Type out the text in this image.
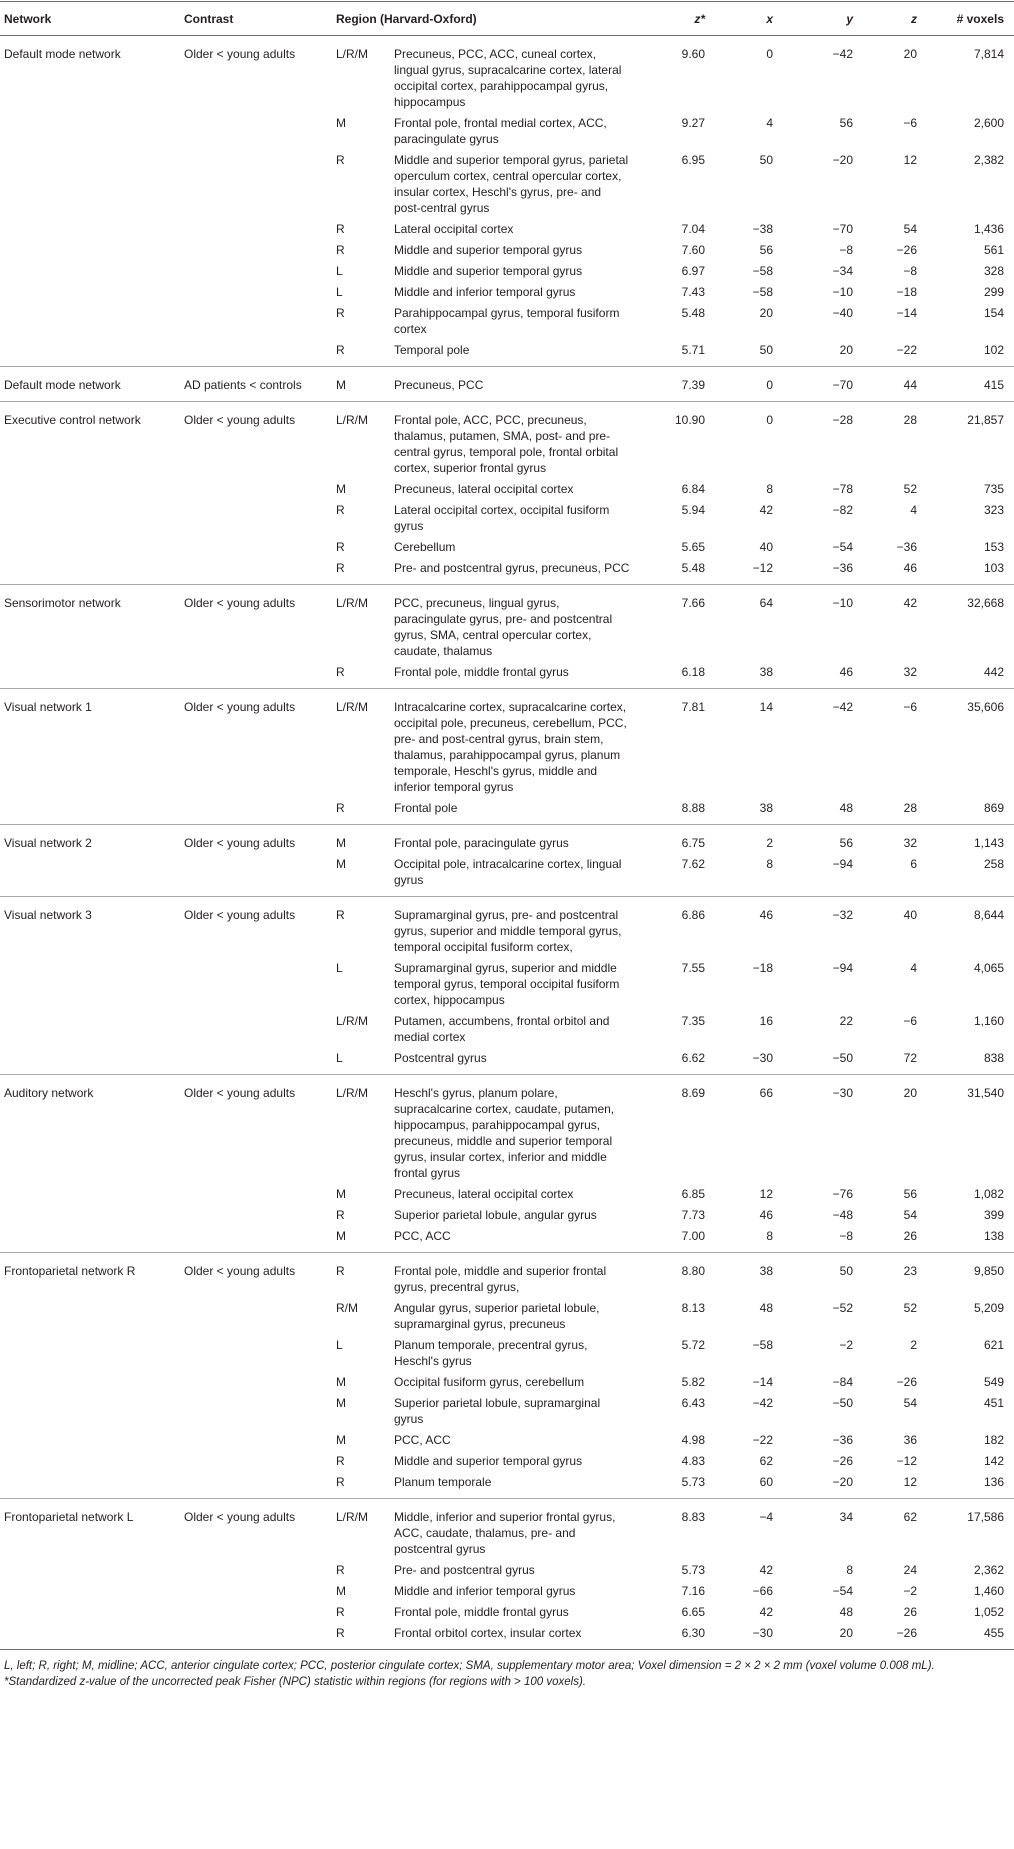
Network	Contrast	Region (Harvard-Oxford)		z*	x	y	z	# voxels
Default mode network	Older < young adults	L/R/M	Precuneus, PCC, ACC, cuneal cortex, lingual gyrus, supracalcarine cortex, lateral occipital cortex, parahippocampal gyrus, hippocampus	9.60	0	−42	20	7,814
		M	Frontal pole, frontal medial cortex, ACC, paracingulate gyrus	9.27	4	56	−6	2,600
		R	Middle and superior temporal gyrus, parietal operculum cortex, central opercular cortex, insular cortex, Heschl's gyrus, pre- and post-central gyrus	6.95	50	−20	12	2,382
		R	Lateral occipital cortex	7.04	−38	−70	54	1,436
		R	Middle and superior temporal gyrus	7.60	56	−8	−26	561
		L	Middle and superior temporal gyrus	6.97	−58	−34	−8	328
		L	Middle and inferior temporal gyrus	7.43	−58	−10	−18	299
		R	Parahippocampal gyrus, temporal fusiform cortex	5.48	20	−40	−14	154
		R	Temporal pole	5.71	50	20	−22	102
Default mode network	AD patients < controls	M	Precuneus, PCC	7.39	0	−70	44	415
Executive control network	Older < young adults	L/R/M	Frontal pole, ACC, PCC, precuneus, thalamus, putamen, SMA, post- and pre-central gyrus, temporal pole, frontal orbital cortex, superior frontal gyrus	10.90	0	−28	28	21,857
		M	Precuneus, lateral occipital cortex	6.84	8	−78	52	735
		R	Lateral occipital cortex, occipital fusiform gyrus	5.94	42	−82	4	323
		R	Cerebellum	5.65	40	−54	−36	153
		R	Pre- and postcentral gyrus, precuneus, PCC	5.48	−12	−36	46	103
Sensorimotor network	Older < young adults	L/R/M	PCC, precuneus, lingual gyrus, paracingulate gyrus, pre- and postcentral gyrus, SMA, central opercular cortex, caudate, thalamus	7.66	64	−10	42	32,668
		R	Frontal pole, middle frontal gyrus	6.18	38	46	32	442
Visual network 1	Older < young adults	L/R/M	Intracalcarine cortex, supracalcarine cortex, occipital pole, precuneus, cerebellum, PCC, pre- and post-central gyrus, brain stem, thalamus, parahippocampal gyrus, planum temporale, Heschl's gyrus, middle and inferior temporal gyrus	7.81	14	−42	−6	35,606
		R	Frontal pole	8.88	38	48	28	869
Visual network 2	Older < young adults	M	Frontal pole, paracingulate gyrus	6.75	2	56	32	1,143
		M	Occipital pole, intracalcarine cortex, lingual gyrus	7.62	8	−94	6	258
Visual network 3	Older < young adults	R	Supramarginal gyrus, pre- and postcentral gyrus, superior and middle temporal gyrus, temporal occipital fusiform cortex,	6.86	46	−32	40	8,644
		L	Supramarginal gyrus, superior and middle temporal gyrus, temporal occipital fusiform cortex, hippocampus	7.55	−18	−94	4	4,065
		L/R/M	Putamen, accumbens, frontal orbitol and medial cortex	7.35	16	22	−6	1,160
		L	Postcentral gyrus	6.62	−30	−50	72	838
Auditory network	Older < young adults	L/R/M	Heschl's gyrus, planum polare, supracalcarine cortex, caudate, putamen, hippocampus, parahippocampal gyrus, precuneus, middle and superior temporal gyrus, insular cortex, inferior and middle frontal gyrus	8.69	66	−30	20	31,540
		M	Precuneus, lateral occipital cortex	6.85	12	−76	56	1,082
		R	Superior parietal lobule, angular gyrus	7.73	46	−48	54	399
		M	PCC, ACC	7.00	8	−8	26	138
Frontoparietal network R	Older < young adults	R	Frontal pole, middle and superior frontal gyrus, precentral gyrus,	8.80	38	50	23	9,850
		R/M	Angular gyrus, superior parietal lobule, supramarginal gyrus, precuneus	8.13	48	−52	52	5,209
		L	Planum temporale, precentral gyrus, Heschl's gyrus	5.72	−58	−2	2	621
		M	Occipital fusiform gyrus, cerebellum	5.82	−14	−84	−26	549
		M	Superior parietal lobule, supramarginal gyrus	6.43	−42	−50	54	451
		M	PCC, ACC	4.98	−22	−36	36	182
		R	Middle and superior temporal gyrus	4.83	62	−26	−12	142
		R	Planum temporale	5.73	60	−20	12	136
Frontoparietal network L	Older < young adults	L/R/M	Middle, inferior and superior frontal gyrus, ACC, caudate, thalamus, pre- and postcentral gyrus	8.83	−4	34	62	17,586
		R	Pre- and postcentral gyrus	5.73	42	8	24	2,362
		M	Middle and inferior temporal gyrus	7.16	−66	−54	−2	1,460
		R	Frontal pole, middle frontal gyrus	6.65	42	48	26	1,052
		R	Frontal orbitol cortex, insular cortex	6.30	−30	20	−26	455
L, left; R, right; M, midline; ACC, anterior cingulate cortex; PCC, posterior cingulate cortex; SMA, supplementary motor area; Voxel dimension = 2 × 2 × 2 mm (voxel volume 0.008 mL). *Standardized z-value of the uncorrected peak Fisher (NPC) statistic within regions (for regions with > 100 voxels).
